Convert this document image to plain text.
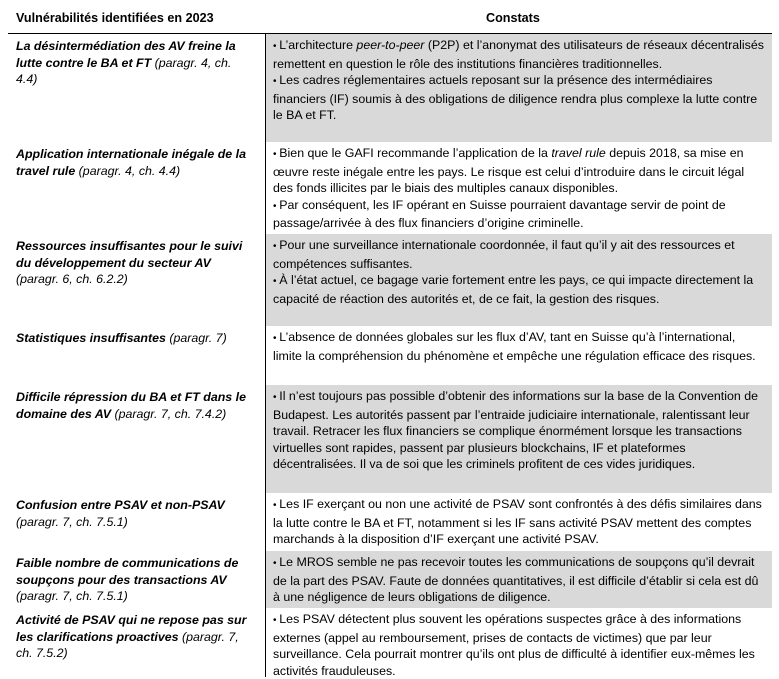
Vulnérabilités identifiées en 2023	Constats
La désintermédiation des AV freine la lutte contre le BA et FT (paragr. 4, ch. 4.4)

• L’architecture peer-to-peer (P2P) et l’anonymat des utilisateurs de réseaux décentralisés remettent en question le rôle des institutions financières traditionnelles.

• Les cadres réglementaires actuels reposant sur la présence des intermédiaires financiers (IF) soumis à des obligations de diligence rendra plus complexe la lutte contre le BA et FT.

Application internationale inégale de la travel rule (paragr. 4, ch. 4.4)

• Bien que le GAFI recommande l’application de la travel rule depuis 2018, sa mise en œuvre reste inégale entre les pays. Le risque est celui d’introduire dans le circuit légal des fonds illicites par le biais des multiples canaux disponibles.

• Par conséquent, les IF opérant en Suisse pourraient davantage servir de point de passage/arrivée à des flux financiers d’origine criminelle.

Ressources insuffisantes pour le suivi du développement du secteur AV (paragr. 6, ch. 6.2.2)

• Pour une surveillance internationale coordonnée, il faut qu’il y ait des ressources et compétences suffisantes.

• À l’état actuel, ce bagage varie fortement entre les pays, ce qui impacte directement la capacité de réaction des autorités et, de ce fait, la gestion des risques.

Statistiques insuffisantes (paragr. 7)

•	L’absence de données globales sur les flux d’AV, tant en Suisse qu’à l’international, limite la compréhension du phénomène et empêche une régulation efficace des risques.

Difficile répression du BA et FT dans le domaine des AV (paragr. 7, ch. 7.4.2)

• Il n’est toujours pas possible d’obtenir des informations sur la base de la Convention de Budapest. Les autorités passent par l’entraide judiciaire internationale, ralentissant leur travail. Retracer les flux financiers se complique énormément lorsque les transactions virtuelles sont rapides, passent par plusieurs blockchains, IF et plateformes décentralisées. Il va de soi que les criminels profitent de ces vides juridiques.

Confusion entre PSAV et non-PSAV (paragr. 7, ch. 7.5.1)

• Les IF exerçant ou non une activité de PSAV sont confrontés à des défis similaires dans la lutte contre le BA et FT, notamment si les IF sans activité PSAV mettent des comptes marchands à la disposition d’IF exerçant une activité PSAV.

Faible nombre de communications de soupçons pour des transactions AV (paragr. 7, ch. 7.5.1)

• Le MROS semble ne pas recevoir toutes les communications de soupçons qu’il devrait de la part des PSAV. Faute de données quantitatives, il est difficile d’établir si cela est dû à une négligence de leurs obligations de diligence.

Activité de PSAV qui ne repose pas sur les clarifications proactives (paragr. 7, ch. 7.5.2)

• Les PSAV détectent plus souvent les opérations suspectes grâce à des informations externes (appel au remboursement, prises de contacts de victimes) que par leur surveillance. Cela pourrait montrer qu’ils ont plus de difficulté à identifier eux-mêmes les activités frauduleuses.
